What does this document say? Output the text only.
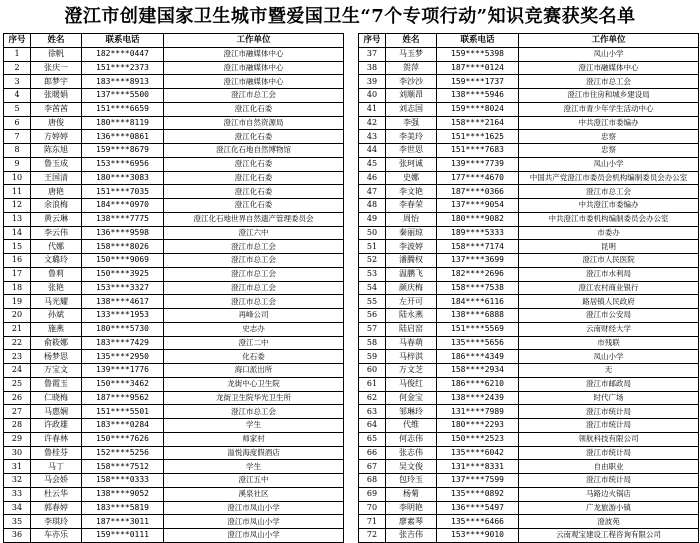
澄江市创建国家卫生城市暨爱国卫生“7个专项行动”知识竞赛获奖名单
序号	姓名	联系电话	工作单位
1	徐帆	182****0447	澄江市融媒体中心
2	张庆一	151****2373	澄江市融媒体中心
3	郎梦宇	183****8913	澄江市融媒体中心
4	张暖娟	137****5500	澄江市总工会
5	李茜茜	151****6659	澄江化石委
6	唐俊	180****8119	澄江市自然资源局
7	方婷婷	136****0861	澄江化石委
8	陈东旭	159****8679	澄江化石地自然博物馆
9	鲁玉成	153****6956	澄江化石委
10	王国清	180****3083	澄江化石委
11	唐艳	151****7035	澄江化石委
12	余浪梅	184****0970	澄江化石委
13	黄云琳	138****7775	澄江化石地世界自然遗产管理委员会
14	李云伟	136****9598	澄江六中
15	代娜	158****8026	澄江市总工会
16	文璐玲	150****9069	澄江市总工会
17	鲁莉	150****3925	澄江市总工会
18	张艳	153****3327	澄江市总工会
19	马光耀	138****4617	澄江市总工会
20	孙斌	133****1953	再峰公司
21	施燕	180****5730	史志办
22	俞筱娜	183****7429	澄江二中
23	杨梦思	135****2950	化石委
24	万宝文	139****1776	海口派出所
25	鲁霞玉	150****3462	龙街中心卫生院
26	仁晓梅	187****9562	龙街卫生院华光卫生所
27	马惠娴	151****5501	澄江市总工会
28	许政雄	183****0284	学生
29	许春林	150****7626	师家村
30	鲁桂芬	152****5256	溢悦海度假酒店
31	马丁	158****7512	学生
32	马会娇	158****0333	澄江五中
33	杜云华	138****9052	溪泉社区
34	郭春婷	183****5819	澄江市凤山小学
35	李琪玲	187****3011	澄江市凤山小学
36	车亦乐	159****0111	澄江市凤山小学
序号	姓名	联系电话	工作单位
37	马玉梦	159****5398	凤山小学
38	贺萍	187****0124	澄江市融媒体中心
39	李沙沙	159****1737	澄江市总工会
40	刘顺昂	138****5946	澄江市住房和城乡建设局
41	刘志国	159****8024	澄江市青少年学生活动中心
42	李强	158****2164	中共澄江市委编办
43	李美玲	151****1625	忠察
44	李世思	151****7683	忠察
45	张珂诚	139****7739	凤山小学
46	史娜	177****4670	中国共产党澄江市委员会机构编制委员会办公室
47	李文艳	187****0366	澄江市总工会
48	李春荣	137****9054	中共澄江市委编办
49	周怡	180****9082	中共澄江市委机构编制委员会办公室
50	秦丽琼	189****5333	市委办
51	李波婷	158****7174	昆明
52	潘腾权	137****3699	澄江市人民医院
53	温鹏飞	182****2696	澄江市水利局
54	颜庆梅	158****7538	澄江农村商业银行
55	左开可	184****6116	路居镇人民政府
56	陆永燕	138****6888	澄江市公安局
57	陆启窑	151****5569	云南财经大学
58	马春萌	135****5656	市残联
59	马梓淇	186****4349	凤山小学
60	万文芝	158****2934	无
61	马俊红	186****6210	澄江市邮政局
62	何金宝	138****2439	时代广场
63	邹琳玲	131****7989	澄江市统计局
64	代维	180****2293	澄江市统计局
65	何志伟	150****2523	领航科技有限公司
66	张志伟	135****6042	澄江市统计局
67	吴文俊	131****8331	自由职业
68	包玲玉	137****7599	澄江市统计局
69	杨菊	135****0892	马路边火锅店
70	李明艳	136****5497	广龙旅游小镇
71	廖素琴	135****6466	澄波苑
72	张吉伟	153****9010	云南观宝建设工程咨询有限公司
